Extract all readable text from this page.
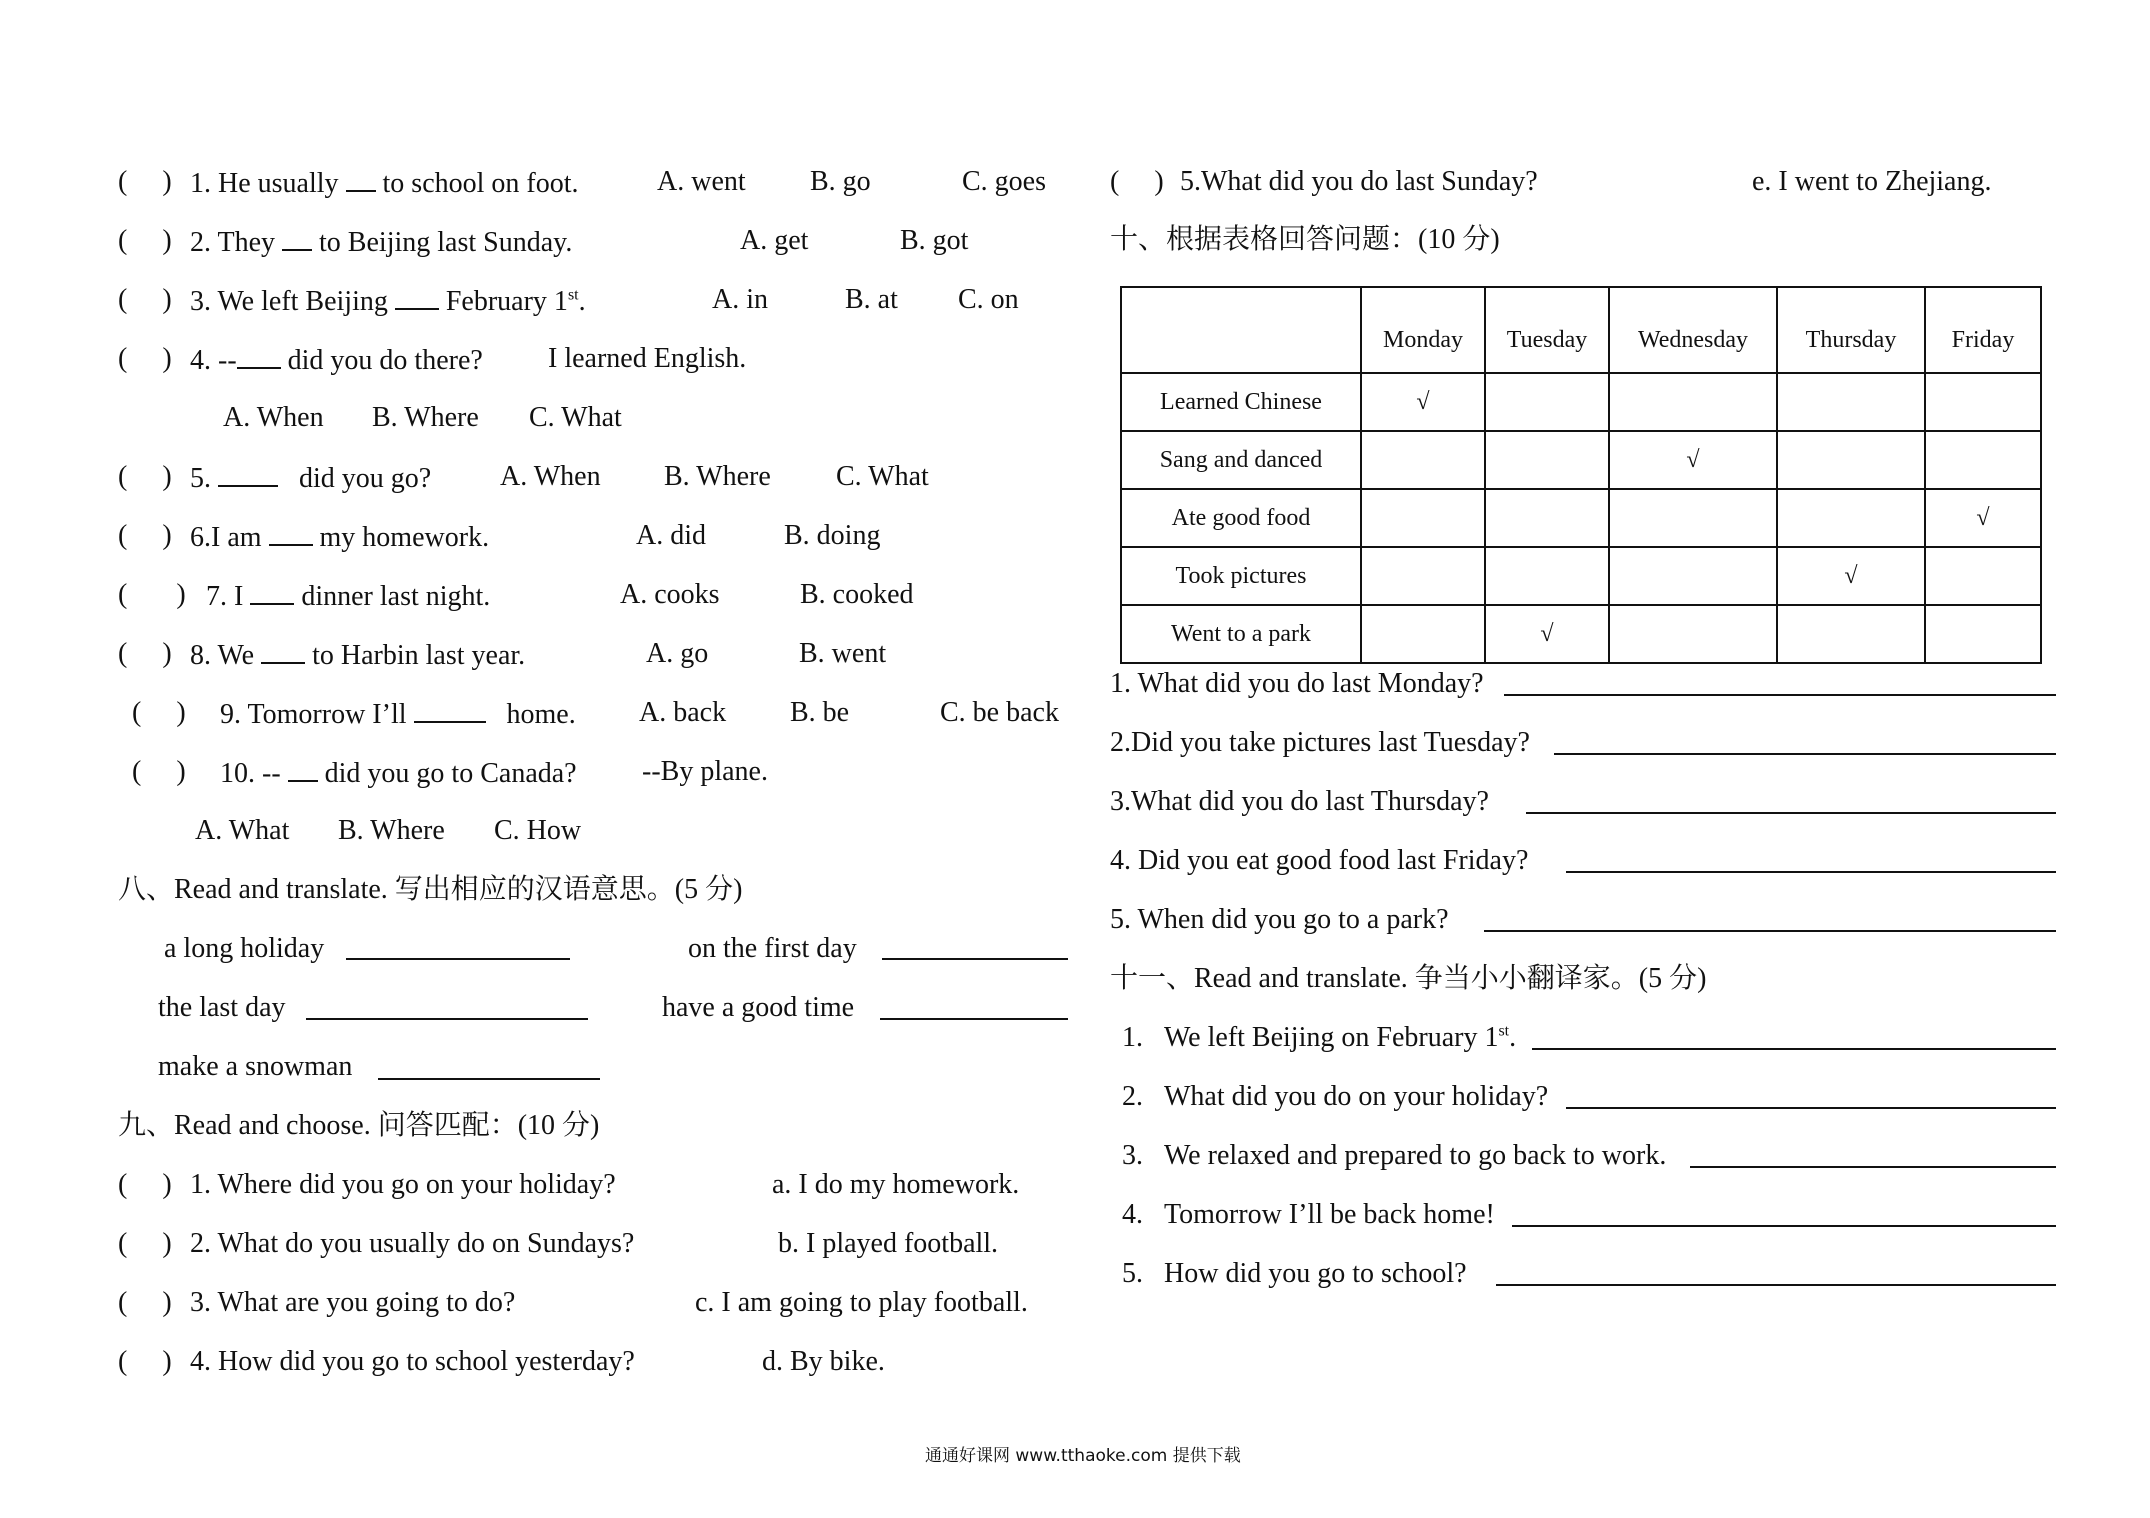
(     ) 1. He usually to school on foot.	A. went B. go	C. goes
(     ) 2. They to Beijing last Sunday.	A. get	B. got
(     ) 3. We left Beijing February 1st.	A. in	B. at C. on
(     ) 4. -- did you do there? I learned English.
A. When B. Where C. What
(     ) 5.	did you go? A. When B. Where C. What
(     ) 6.I am my homework.	A. did	B. doing
(       ) 7. I dinner last night.	A. cooks	B. cooked
(     ) 8. We to Harbin last year.	A. go	B. went
(     ) 9. Tomorrow I’ll	home. A. back B. be	C. be back
(     ) 10. -- did you go to Canada? --By plane.
A. What B. Where C. How
八、Read and translate. 写出相应的汉语意思。(5 分)
a long holiday	on the first day
the last day	have a good time
make a snowman
九、Read and choose. 问答匹配：(10 分)
(     ) 1. Where did you go on your holiday?	a. I do my homework.
(     ) 2. What do you usually do on Sundays?	b. I played football.
(     ) 3. What are you going to do?	c. I am going to play football.
(     ) 4. How did you go to school yesterday?	d. By bike.
(     ) 5.What did you do last Sunday?	e. I went to Zhejiang.
十、根据表格回答问题：(10 分)
	Monday	Tuesday	Wednesday	Thursday	Friday
Learned Chinese	√				
Sang and danced			√		
Ate good food					√
Took pictures				√	
Went to a park		√			
1. What did you do last Monday?
2.Did you take pictures last Tuesday?
3.What did you do last Thursday?
4. Did you eat good food last Friday?
5. When did you go to a park?
十一、Read and translate. 争当小小翻译家。(5 分)
1. We left Beijing on February 1st.
2. What did you do on your holiday?
3. We relaxed and prepared to go back to work.
4. Tomorrow I’ll be back home!
5. How did you go to school?
通通好课网 www.tthaoke.com 提供下载
